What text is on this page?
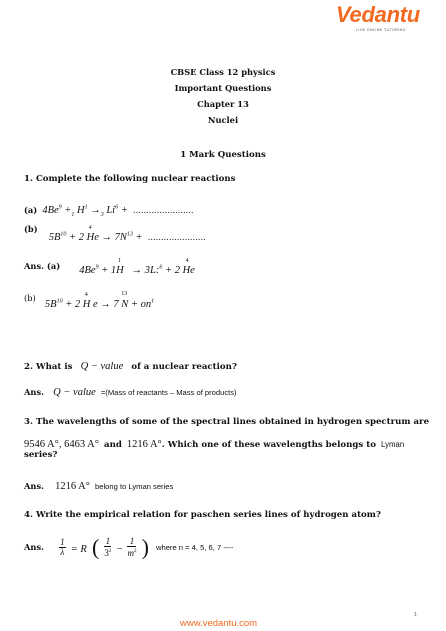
Vedantu
LIVE ONLINE TUTORING
CBSE Class 12 physics
Important Questions
Chapter 13
Nuclei
1 Mark Questions
1. Complete the following nuclear reactions
(a) $4Be^9 +_1$ $H^1 \to_3$ $Li^6$ + .......................
$^{(b)}$ $5B^{10} + 2$
4
$He \to 7N^{13}$ + ......................
$^{Ans. (a)}$ $4Be^9 + 1$
1
H   → 3L:$^6$ + 2
4
He
$^{(b)}$ $5B^{10} + 2$
4
H e → 7
13
$N + on^1$
2. What is Q − value of a nuclear reaction?
Ans. Q − value =(Mass of reactants – Mass of products)
3. The wavelengths of some of the spectral lines obtained in hydrogen spectrum are
9546 A°, 6463 A° and 1216 A°. Which one of these wavelengths belongs to Lyman
series?
Ans. 1216 A° belong to Lyman series
4. Write the empirical relation for paschen series lines of hydrogen atom?
Ans. $\frac{1}{\lambda} = R$ ( $\frac{1}{3^2} - \frac{1}{m^2}$ ) where n = 4, 5, 6, 7 ----
1
www.vedantu.com
